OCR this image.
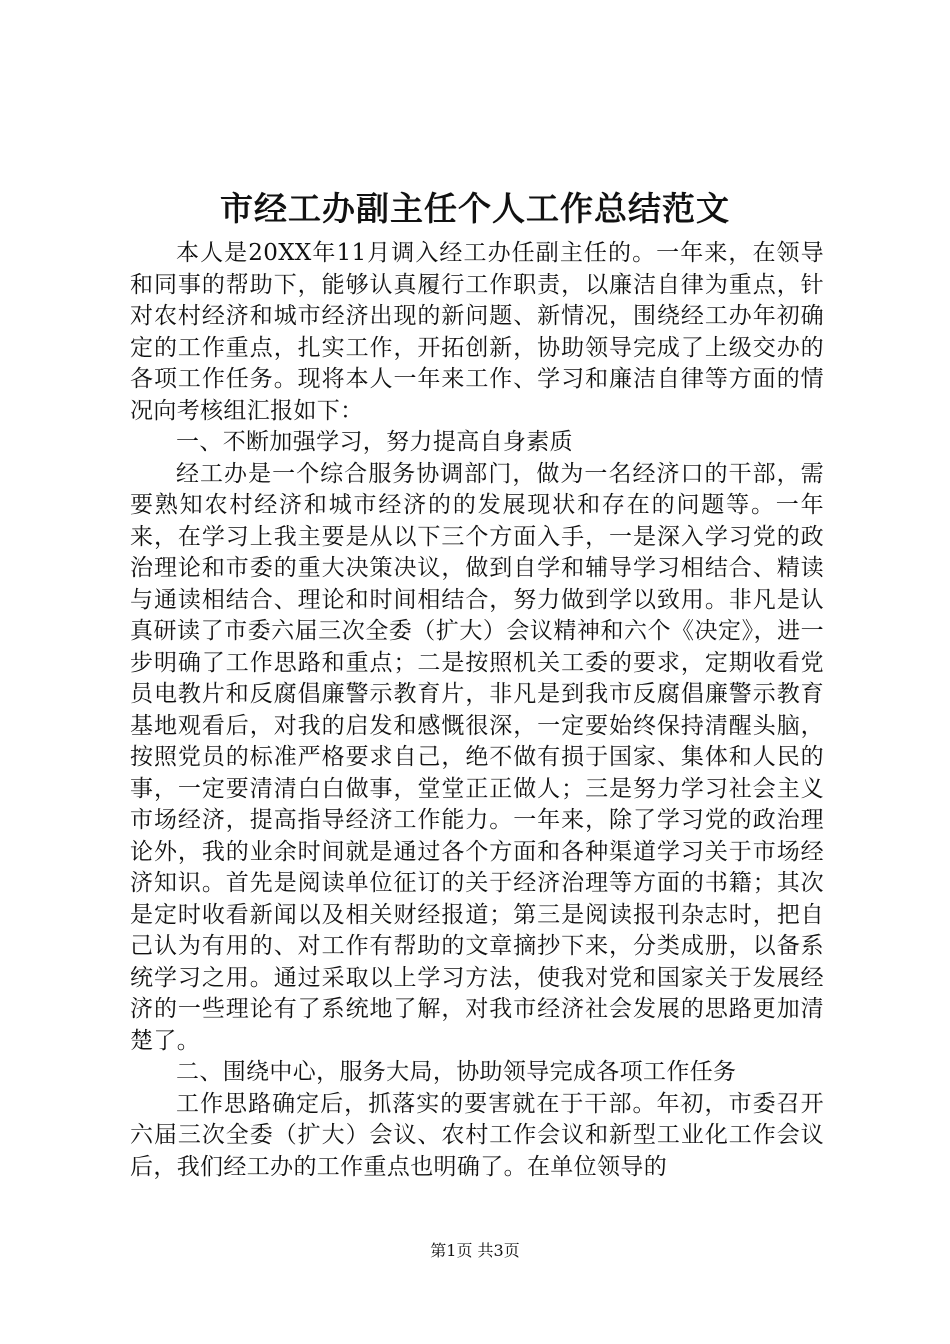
市经工办副主任个人工作总结范文

本人是20XX年11月调入经工办任副主任的。一年来，在领导和同事的帮助下，能够认真履行工作职责，以廉洁自律为重点，针对农村经济和城市经济出现的新问题、新情况，围绕经工办年初确定的工作重点，扎实工作，开拓创新，协助领导完成了上级交办的各项工作任务。现将本人一年来工作、学习和廉洁自律等方面的情况向考核组汇报如下：

一、不断加强学习，努力提高自身素质

经工办是一个综合服务协调部门，做为一名经济口的干部，需要熟知农村经济和城市经济的的发展现状和存在的问题等。一年来，在学习上我主要是从以下三个方面入手，一是深入学习党的政治理论和市委的重大决策决议，做到自学和辅导学习相结合、精读与通读相结合、理论和时间相结合，努力做到学以致用。非凡是认真研读了市委六届三次全委（扩大）会议精神和六个《决定》，进一步明确了工作思路和重点；二是按照机关工委的要求，定期收看党员电教片和反腐倡廉警示教育片，非凡是到我市反腐倡廉警示教育基地观看后，对我的启发和感慨很深，一定要始终保持清醒头脑，按照党员的标准严格要求自己，绝不做有损于国家、集体和人民的事，一定要清清白白做事，堂堂正正做人；三是努力学习社会主义市场经济，提高指导经济工作能力。一年来，除了学习党的政治理论外，我的业余时间就是通过各个方面和各种渠道学习关于市场经济知识。首先是阅读单位征订的关于经济治理等方面的书籍；其次是定时收看新闻以及相关财经报道；第三是阅读报刊杂志时，把自己认为有用的、对工作有帮助的文章摘抄下来，分类成册，以备系统学习之用。通过采取以上学习方法，使我对党和国家关于发展经济的一些理论有了系统地了解，对我市经济社会发展的思路更加清楚了。

二、围绕中心，服务大局，协助领导完成各项工作任务

工作思路确定后，抓落实的要害就在于干部。年初，市委召开六届三次全委（扩大）会议、农村工作会议和新型工业化工作会议后，我们经工办的工作重点也明确了。在单位领导的

第1页 共3页
